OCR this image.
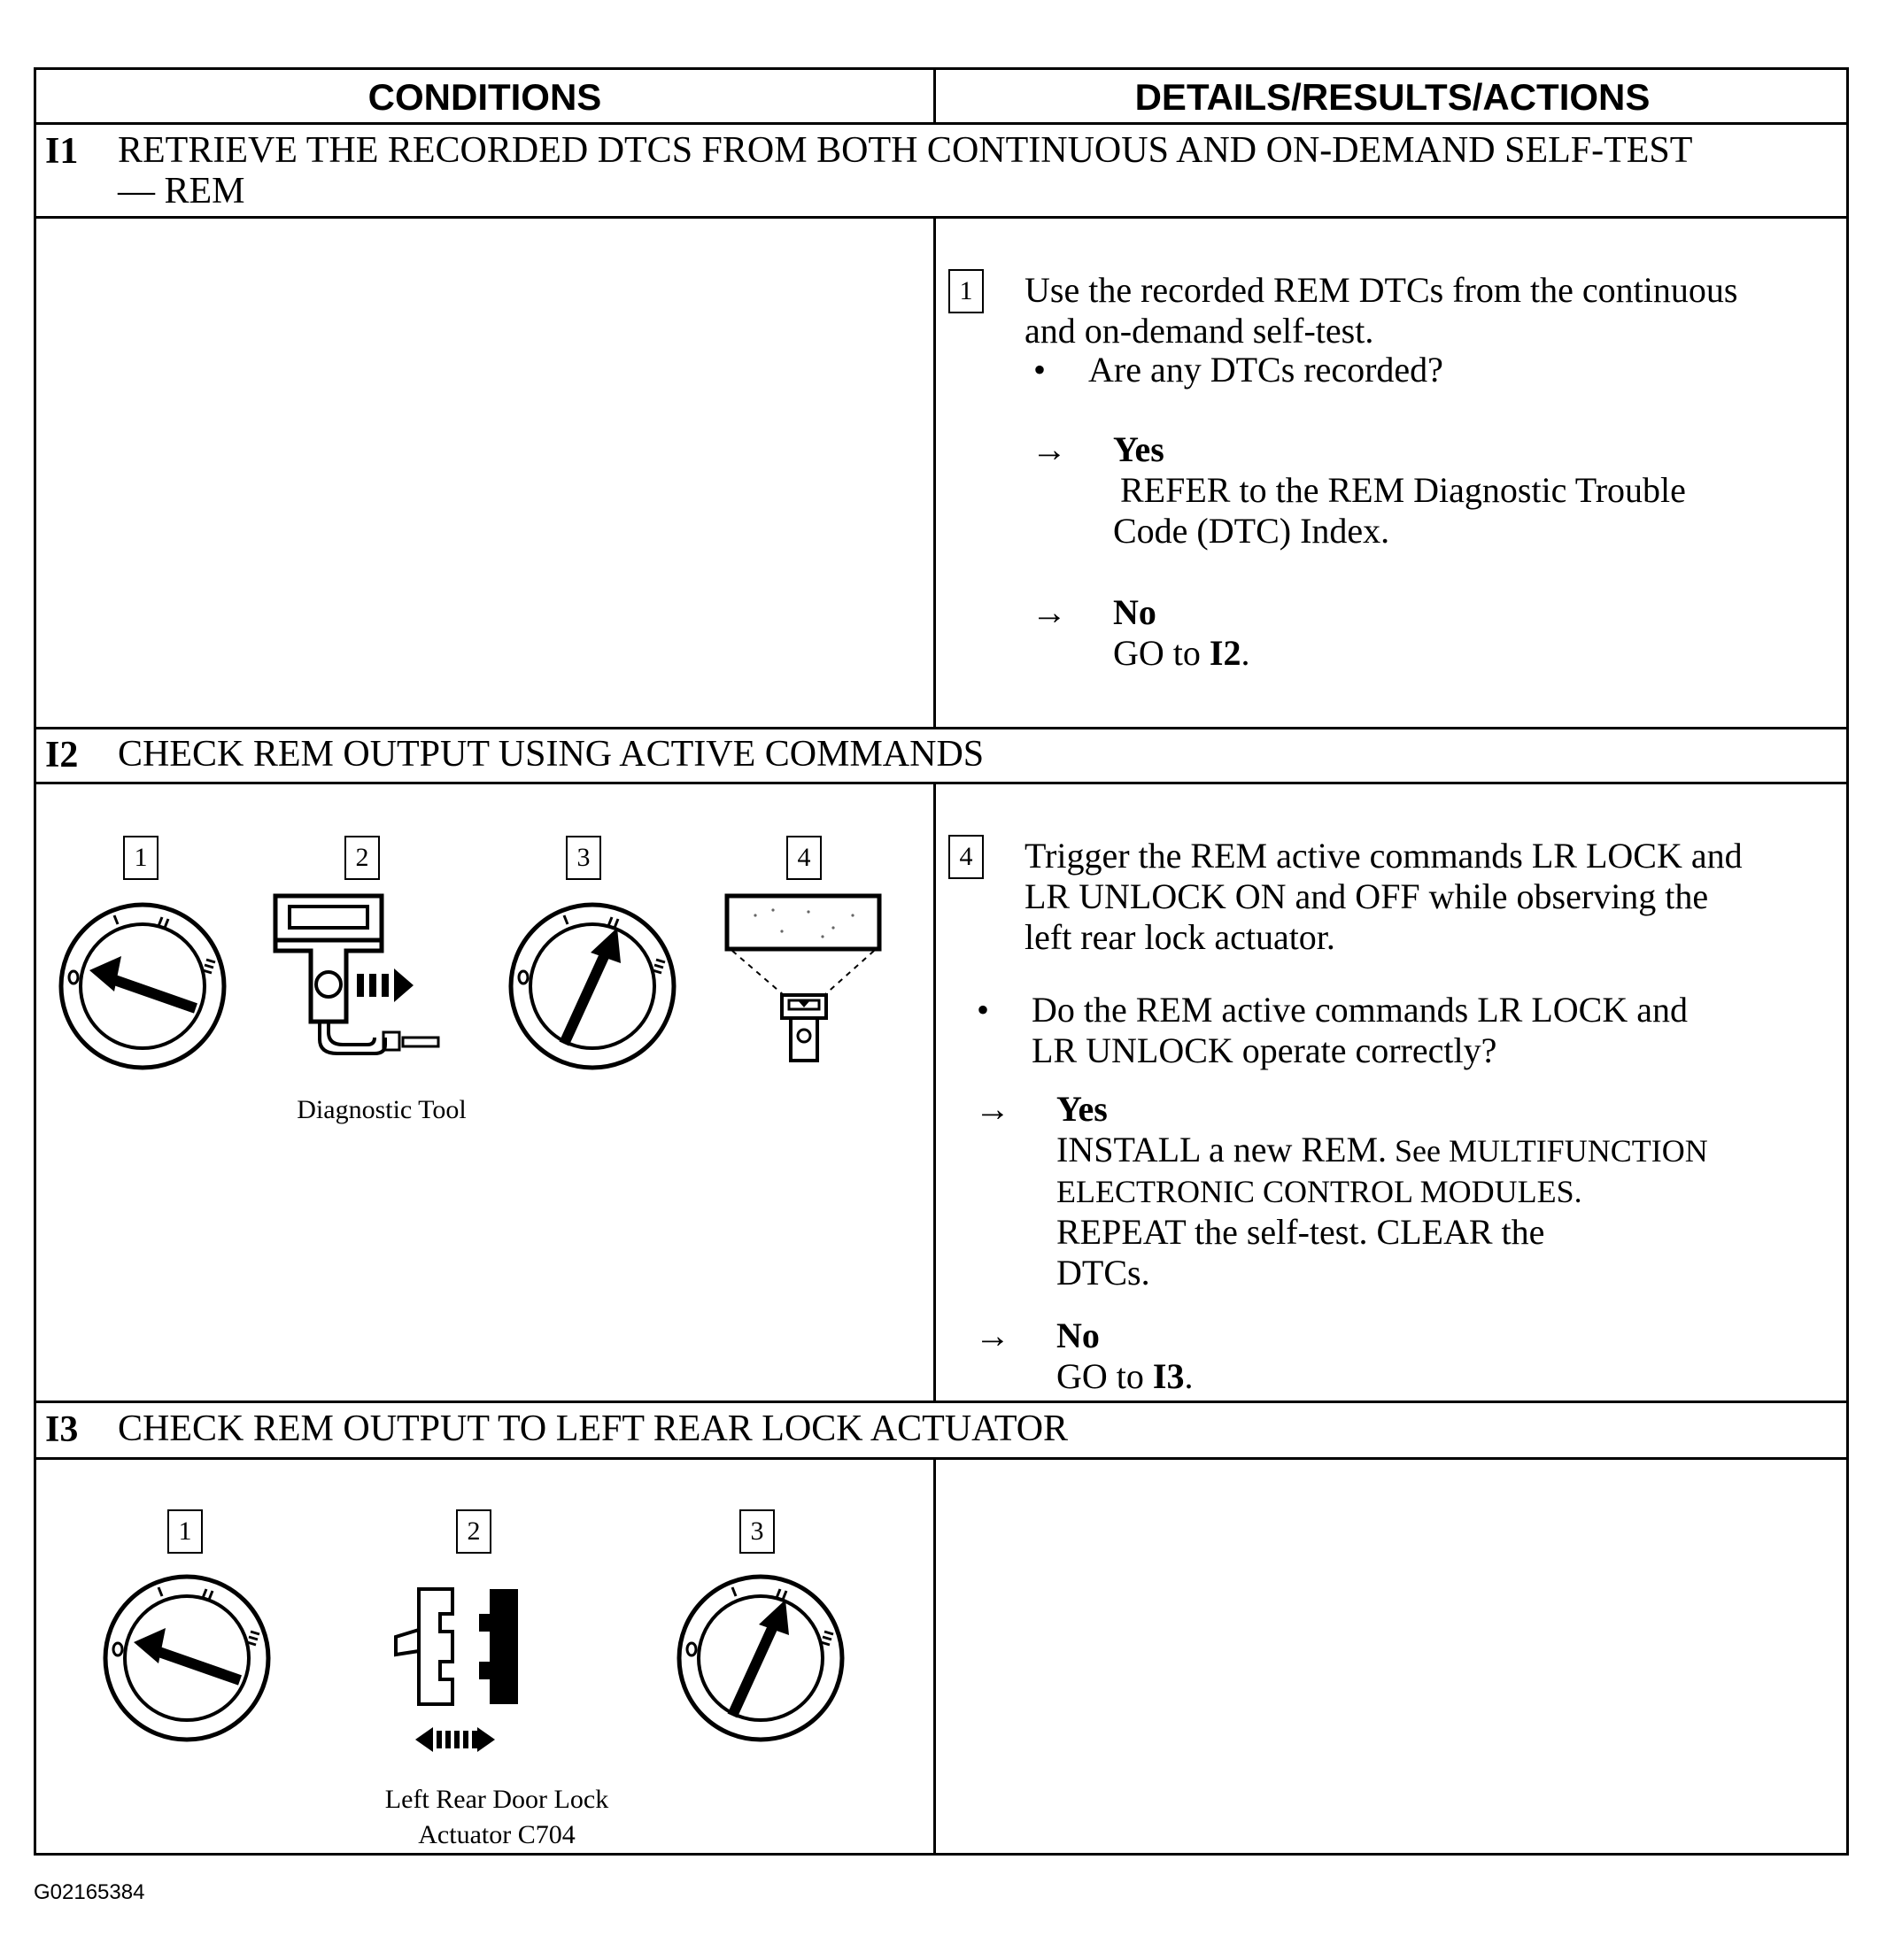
CONDITIONS	DETAILS/RESULTS/ACTIONS
I1 RETRIEVE THE RECORDED DTCS FROM BOTH CONTINUOUS AND ON-DEMAND SELF-TEST
— REM
1	Use the recorded REM DTCs from the continuous
and on-demand self-test.
• Are any DTCs recorded?
→ Yes
REFER to the REM Diagnostic Trouble
Code (DTC) Index.
→ No
GO to I2.
I2 CHECK REM OUTPUT USING ACTIVE COMMANDS
1	2	3	4
Diagnostic Tool
4	Trigger the REM active commands LR LOCK and
LR UNLOCK ON and OFF while observing the
left rear lock actuator.
• Do the REM active commands LR LOCK and
LR UNLOCK operate correctly?
→ Yes
INSTALL a new REM. See MULTIFUNCTION
ELECTRONIC CONTROL MODULES.
REPEAT the self-test. CLEAR the
DTCs.
→ No
GO to I3.
I3 CHECK REM OUTPUT TO LEFT REAR LOCK ACTUATOR
1	2	3
Left Rear Door Lock
Actuator C704
G02165384
